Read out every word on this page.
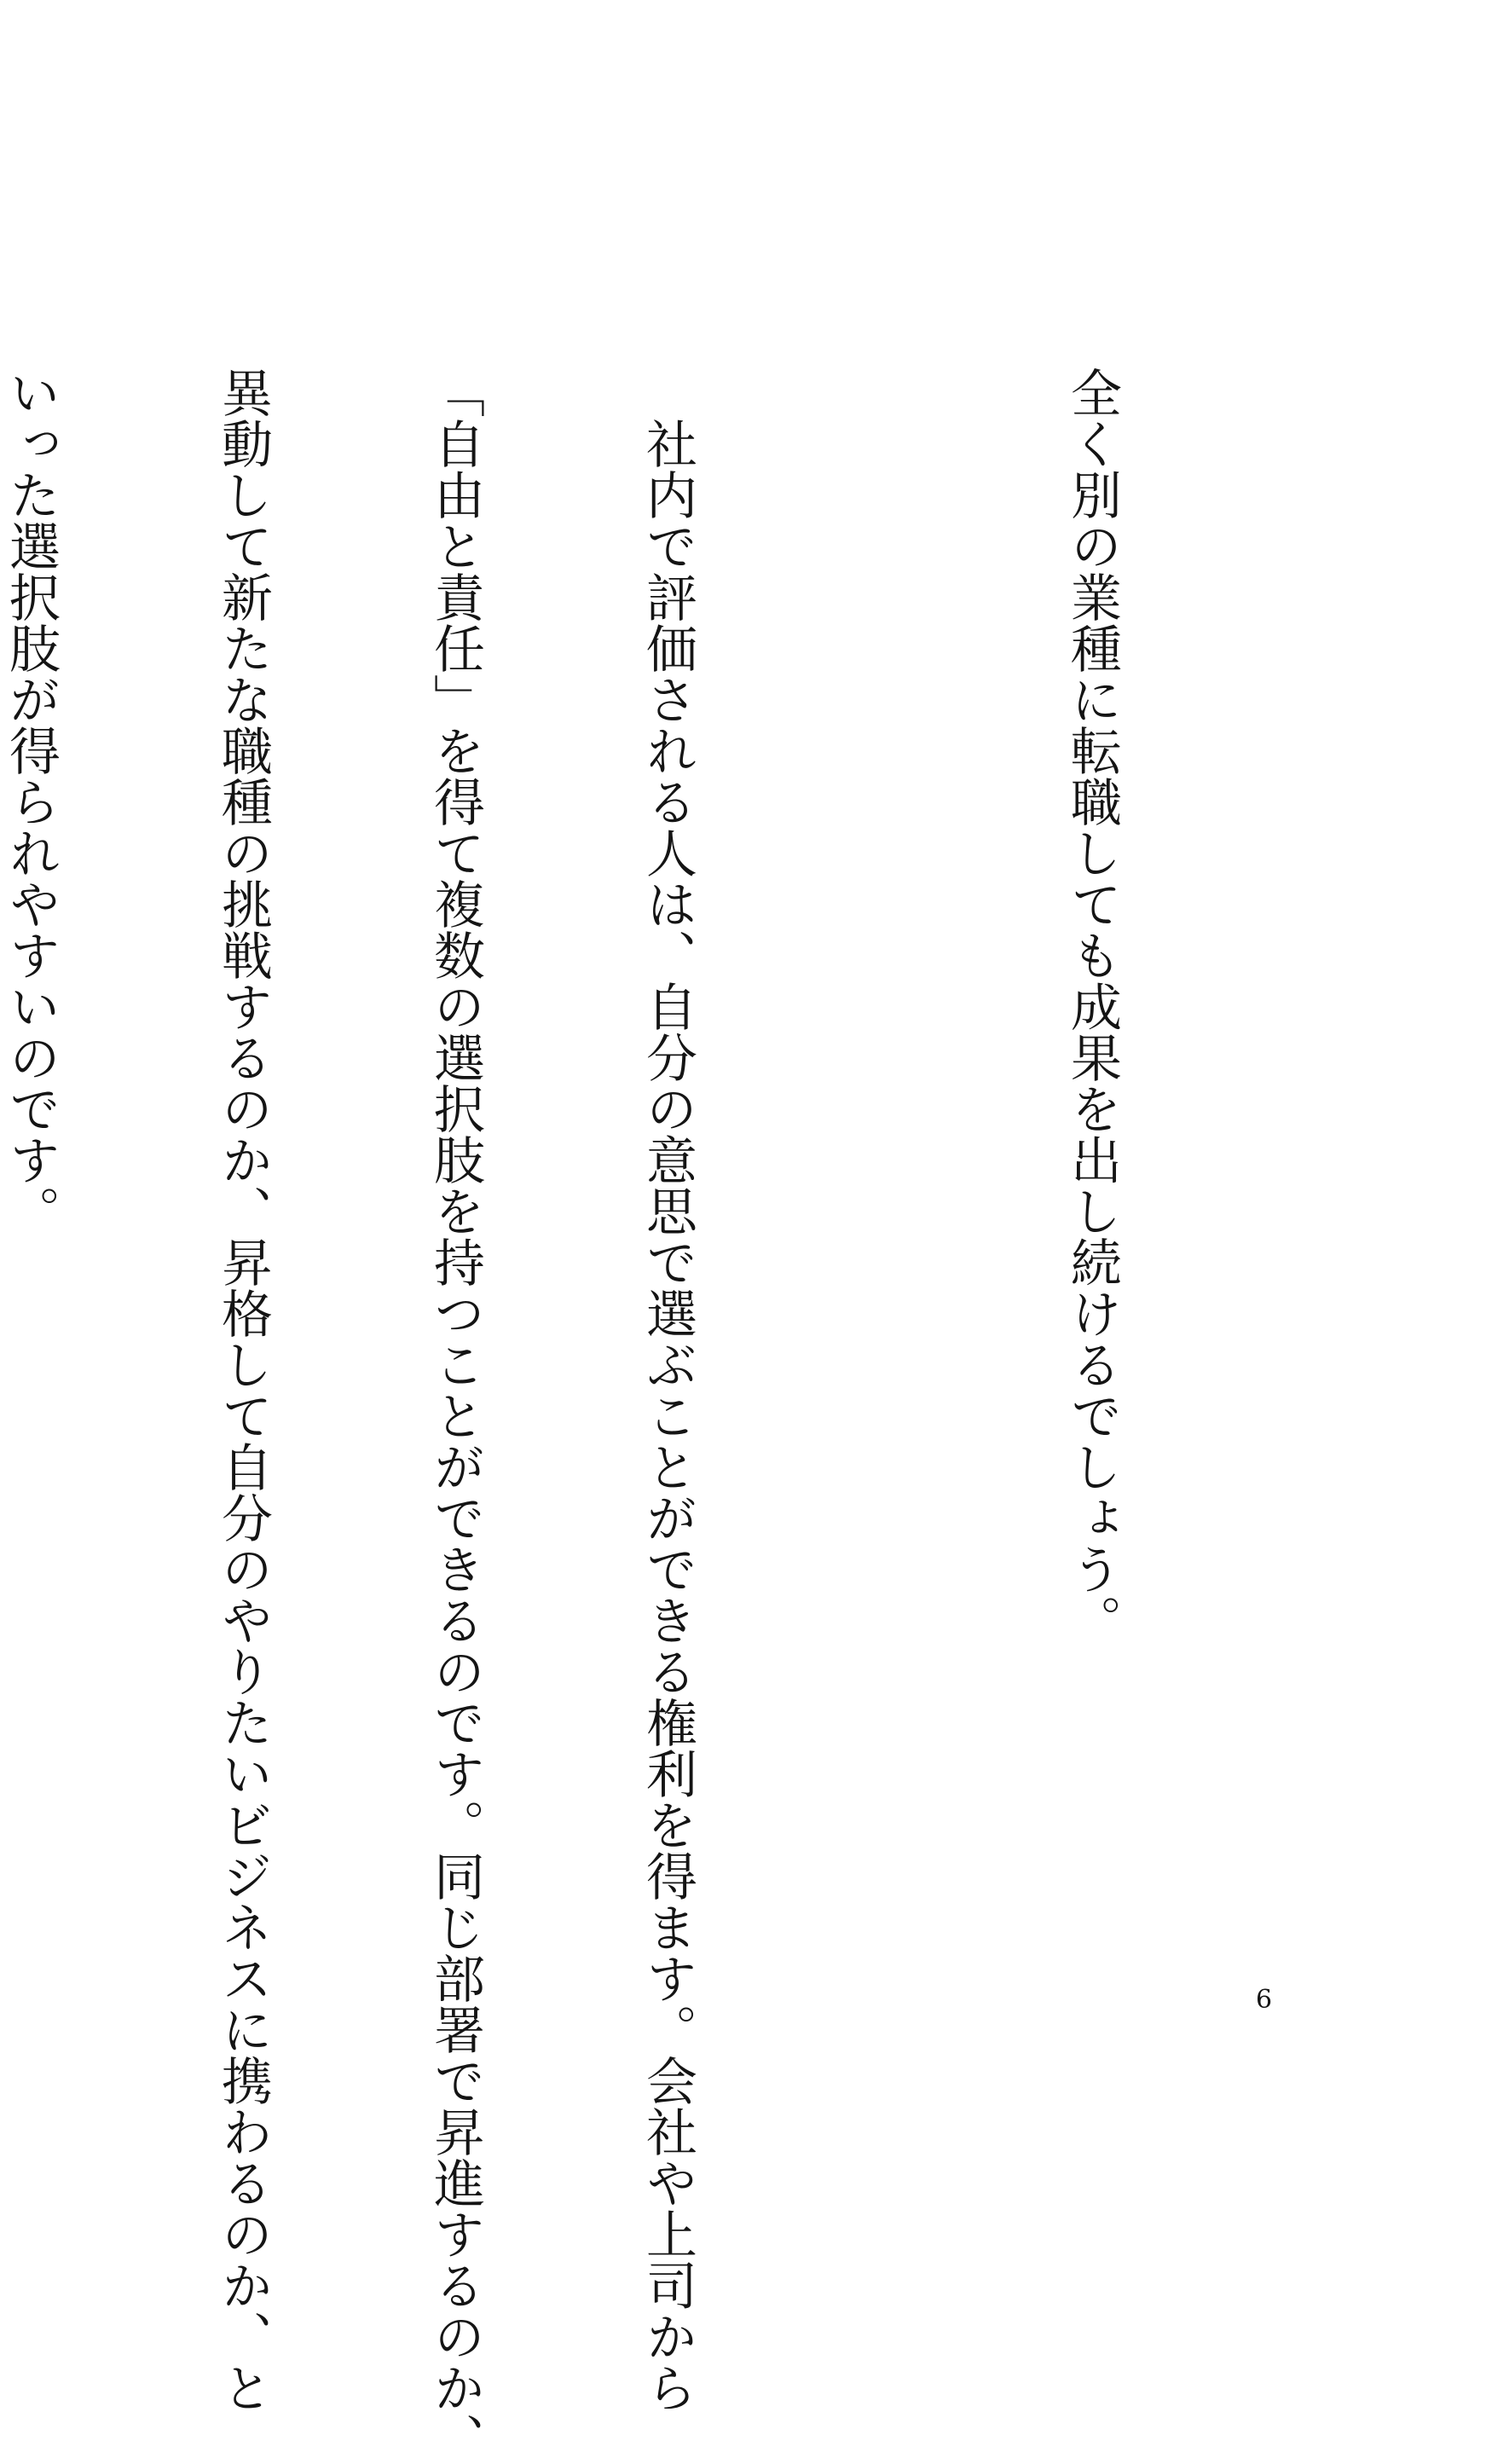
全く別の業種に転職しても成果を出し続けるでしょう。

　社内で評価される人は、自分の意思で選ぶことができる権利を得ます。会社や上司から

「自由と責任」を得て複数の選択肢を持つことができるのです。同じ部署で昇進するのか、

異動して新たな職種の挑戦するのか、昇格して自分のやりたいビジネスに携わるのか、と

いった選択肢が得られやすいのです。

6
